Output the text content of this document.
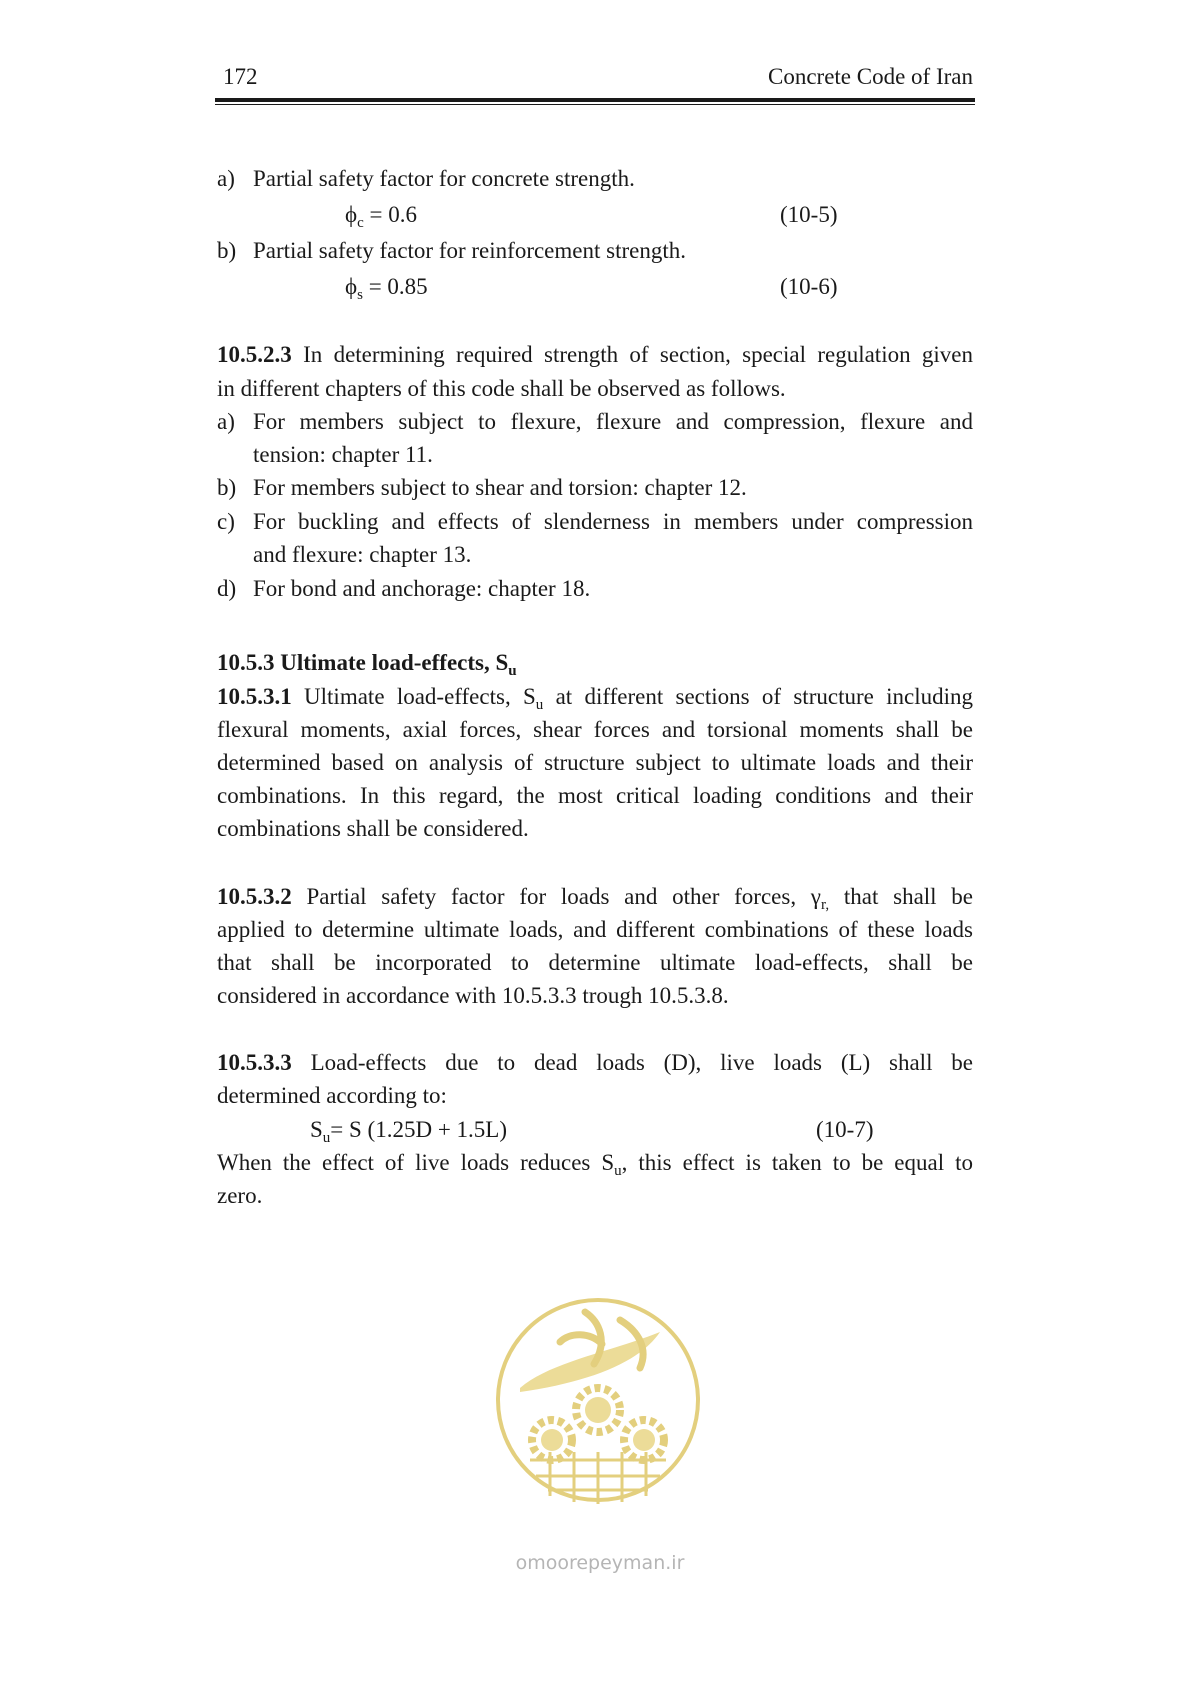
172	Concrete Code of Iran
a) Partial safety factor for concrete strength.
$\phi_c = 0.6$	(10-5)
b) Partial safety factor for reinforcement strength.
$\phi_s = 0.85$	(10-6)
10.5.2.3 In determining required strength of section, special regulation given
in different chapters of this code shall be observed as follows.
a) For members subject to flexure, flexure and compression, flexure and
tension: chapter 11.
b) For members subject to shear and torsion: chapter 12.
c) For buckling and effects of slenderness in members under compression
and flexure: chapter 13.
d) For bond and anchorage: chapter 18.
10.5.3 Ultimate load-effects, $S_u$
10.5.3.1 Ultimate load-effects, $S_u$ at different sections of structure including
flexural moments, axial forces, shear forces and torsional moments shall be
determined based on analysis of structure subject to ultimate loads and their
combinations. In this regard, the most critical loading conditions and their
combinations shall be considered.
10.5.3.2 Partial safety factor for loads and other forces, $\gamma_{r,}$ that shall be
applied to determine ultimate loads, and different combinations of these loads
that shall be incorporated to determine ultimate load-effects, shall be
considered in accordance with 10.5.3.3 trough 10.5.3.8.
10.5.3.3 Load-effects due to dead loads (D), live loads (L) shall be
determined according to:
$S_u= S$ (1.25D + 1.5L)	(10-7)
When the effect of live loads reduces $S_u$, this effect is taken to be equal to
zero.
omoorepeyman.ir
